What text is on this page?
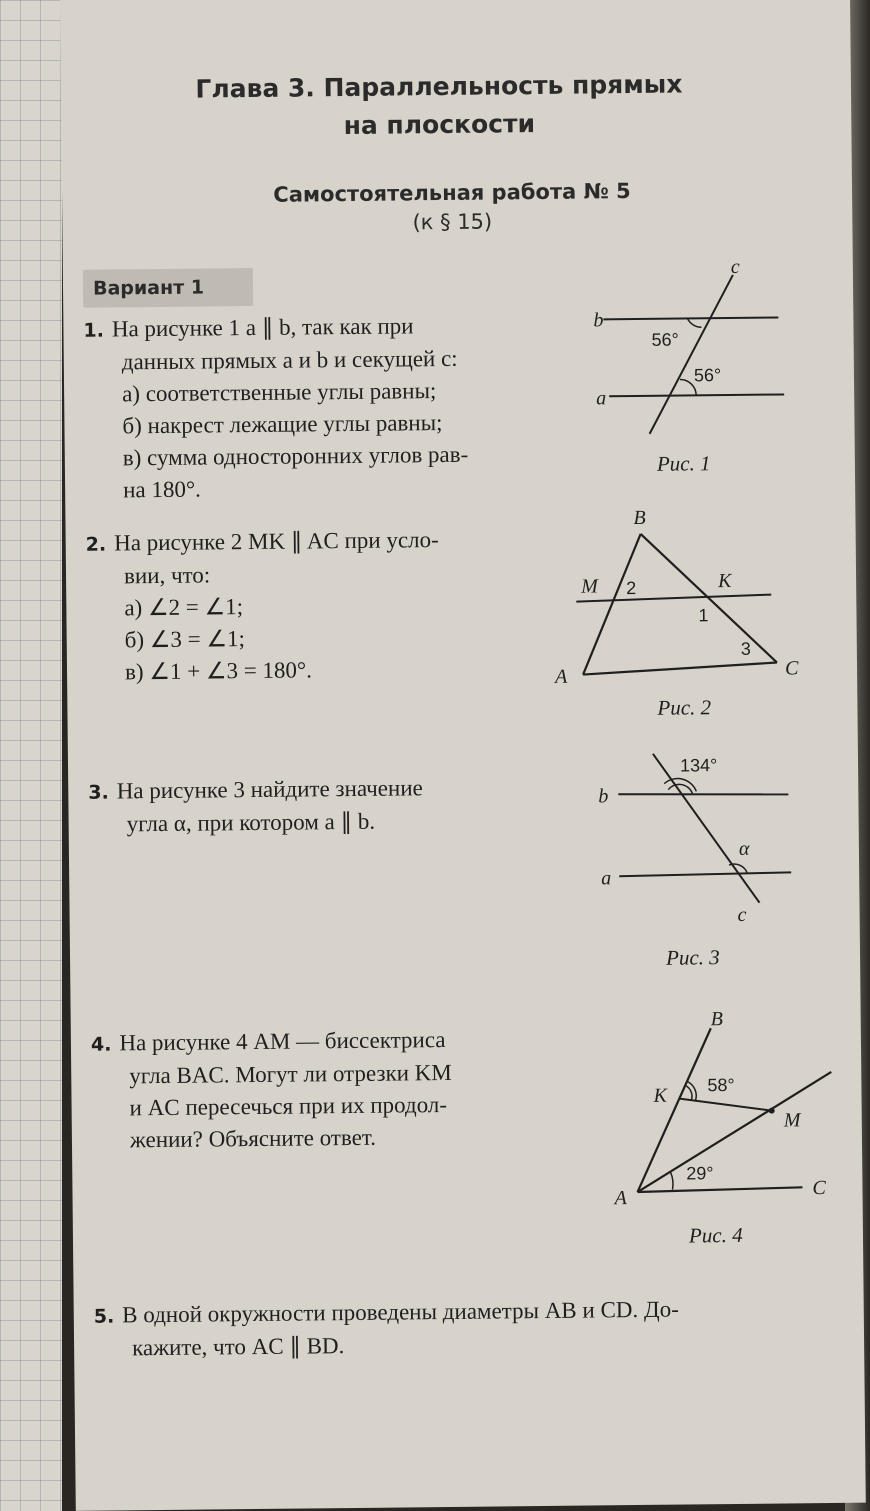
Глава 3. Параллельность прямых
на плоскости
Самостоятельная работа № 5
(к § 15)
Вариант 1
1. На рисунке 1 a ∥ b, так как при
данных прямых a и b и секущей c:
а) соответственные углы равны;
б) накрест лежащие углы равны;
в) сумма односторонних углов рав-
на 180°.
2. На рисунке 2 MK ∥ AC при усло-
вии, что:
а) ∠2 = ∠1;
б) ∠3 = ∠1;
в) ∠1 + ∠3 = 180°.
3. На рисунке 3 найдите значение
угла α, при котором a ∥ b.
4. На рисунке 4 AM — биссектриса
угла BAC. Могут ли отрезки KM
и AC пересечься при их продол-
жении? Объясните ответ.
5. В одной окружности проведены диаметры AB и CD. До-
кажите, что AC ∥ BD.
c
b
a
56°
56°
Рис. 1
B
M	K
A	C
2
1
3
Рис. 2
134°
b
a
α
c
Рис. 3
B
K
M
A	C
58°
29°
Рис. 4
